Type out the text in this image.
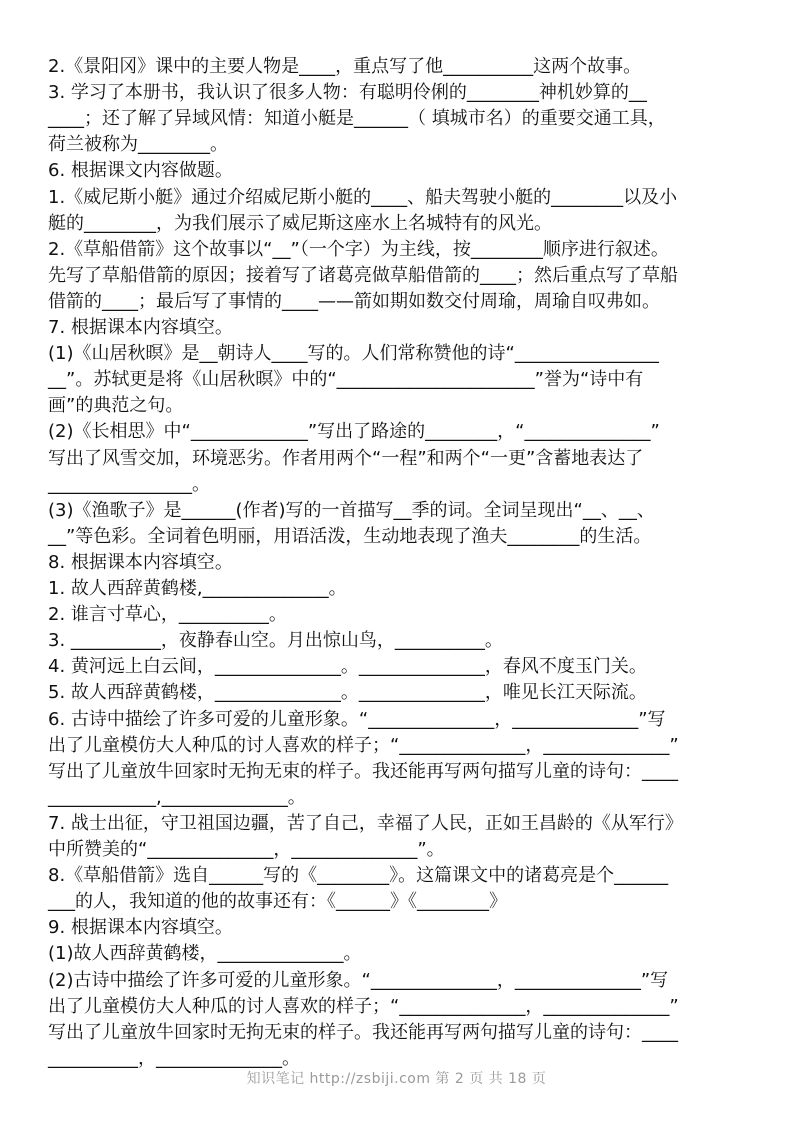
2.《景阳冈》课中的主要人物是____，重点写了他__________这两个故事。
3. 学习了本册书，我认识了很多人物：有聪明伶俐的________神机妙算的__
____；还了解了异域风情：知道小艇是______（ 填城市名）的重要交通工具，
荷兰被称为________。
6. 根据课文内容做题。
1.《威尼斯小艇》通过介绍威尼斯小艇的____、船夫驾驶小艇的________以及小
艇的________，为我们展示了威尼斯这座水上名城特有的风光。
2.《草船借箭》这个故事以“__”（一个字）为主线，按________顺序进行叙述。
先写了草船借箭的原因；接着写了诸葛亮做草船借箭的____；然后重点写了草船
借箭的____；最后写了事情的____——箭如期如数交付周瑜，周瑜自叹弗如。
7. 根据课本内容填空。
(1)《山居秋暝》是__朝诗人____写的。人们常称赞他的诗“________________
__”。苏轼更是将《山居秋暝》中的“______________________”誉为“诗中有
画”的典范之句。
(2)《长相思》中“_____________”写出了路途的________，“______________”
写出了风雪交加，环境恶劣。作者用两个“一程”和两个“一更”含蓄地表达了
________________。
(3)《渔歌子》是______(作者)写的一首描写__季的词。全词呈现出“__、__、
__”等色彩。全词着色明丽，用语活泼，生动地表现了渔夫________的生活。
8. 根据课本内容填空。
1. 故人西辞黄鹤楼,______________。
2. 谁言寸草心，__________。
3. __________，夜静春山空。月出惊山鸟，__________。
4. 黄河远上白云间，______________。______________，春风不度玉门关。
5. 故人西辞黄鹤楼，______________。______________，唯见长江天际流。
6. 古诗中描绘了许多可爱的儿童形象。“______________，______________”写
出了儿童模仿大人种瓜的讨人喜欢的样子；“______________，______________”
写出了儿童放牛回家时无拘无束的样子。我还能再写两句描写儿童的诗句：____
____________,______________。
7. 战士出征，守卫祖国边疆，苦了自己，幸福了人民，正如王昌龄的《从军行》
中所赞美的“______________，______________”。
8.《草船借箭》选自______写的《________》。这篇课文中的诸葛亮是个______
___的人，我知道的他的故事还有：《______》《________》
9. 根据课本内容填空。
(1)故人西辞黄鹤楼，______________。
(2)古诗中描绘了许多可爱的儿童形象。“______________，______________”写
出了儿童模仿大人种瓜的讨人喜欢的样子；“______________，______________”
写出了儿童放牛回家时无拘无束的样子。我还能再写两句描写儿童的诗句：____
__________，______________。
知识笔记 http://zsbiji.com 第 2 页 共 18 页
